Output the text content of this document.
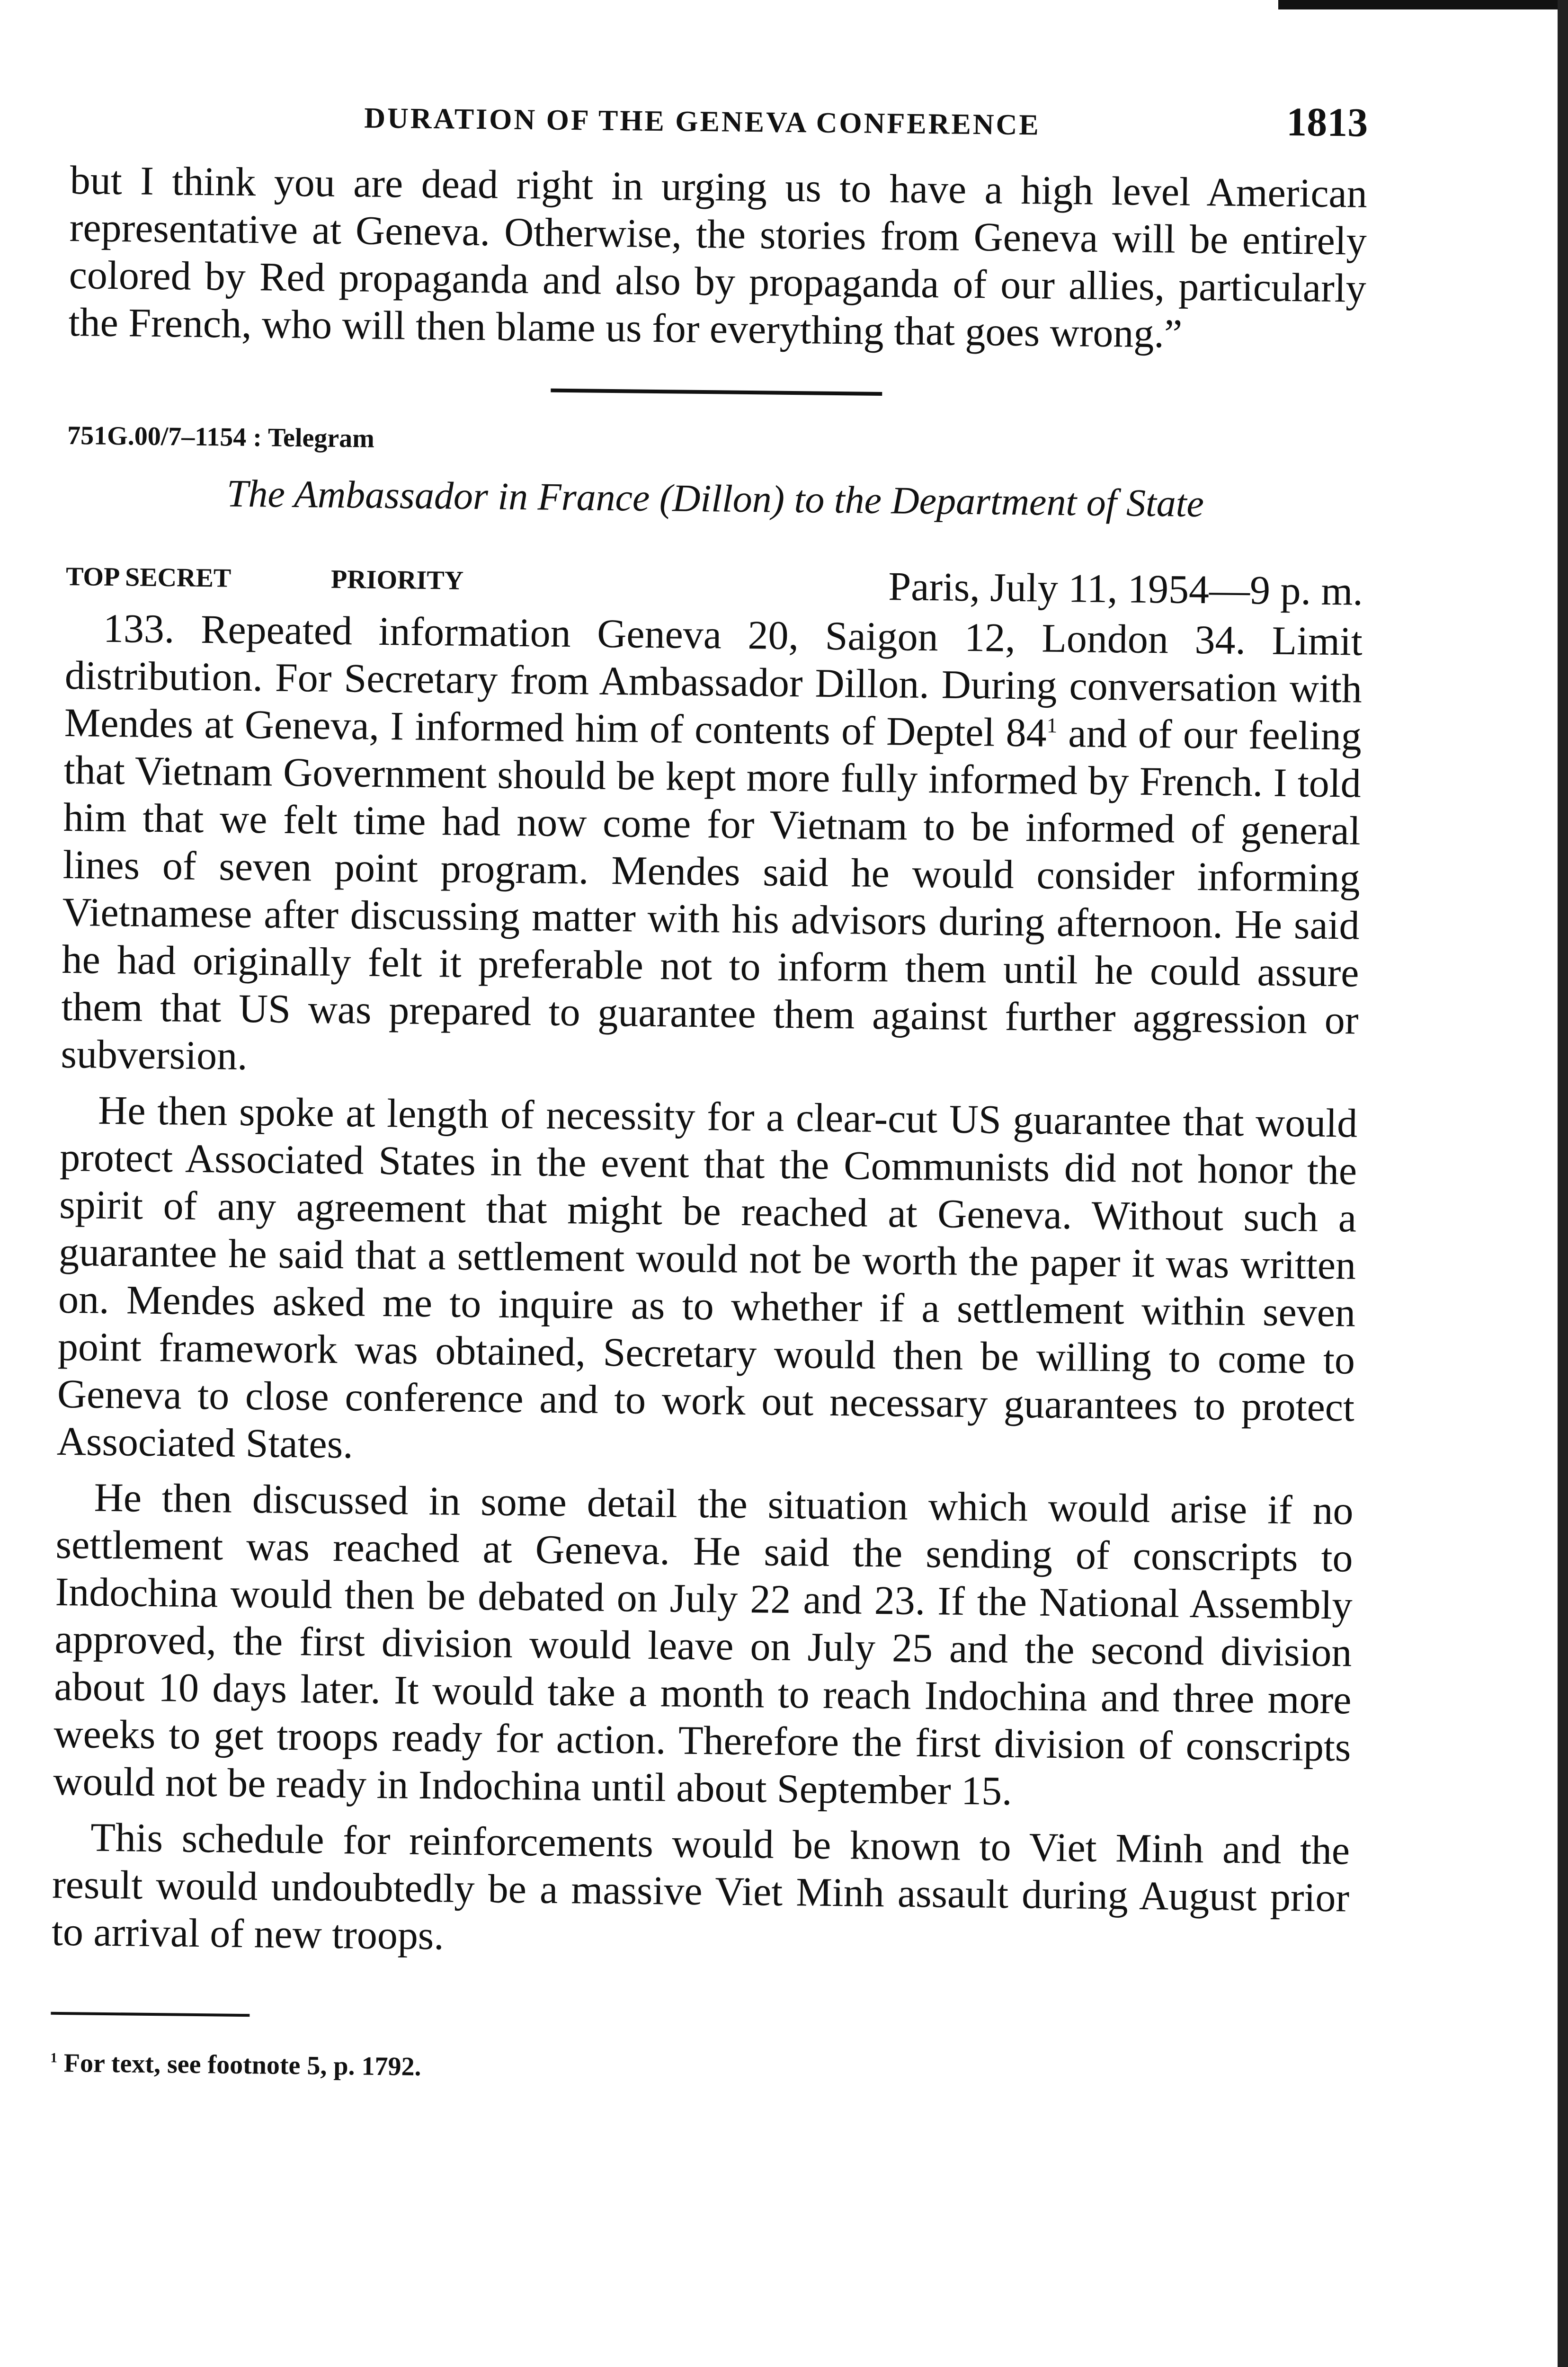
DURATION OF THE GENEVA CONFERENCE	1813

but I think you are dead right in urging us to have a high level American representative at Geneva. Otherwise, the stories from Geneva will be entirely colored by Red propaganda and also by propaganda of our allies, particularly the French, who will then blame us for everything that goes wrong.”

751G.00/7–1154 : Telegram

The Ambassador in France (Dillon) to the Department of State

TOP SECRET	PRIORITY	Paris, July 11, 1954—9 p. m.

133. Repeated information Geneva 20, Saigon 12, London 34. Limit distribution. For Secretary from Ambassador Dillon. During conversation with Mendes at Geneva, I informed him of contents of Deptel $84^1$ and of our feeling that Vietnam Government should be kept more fully informed by French. I told him that we felt time had now come for Vietnam to be informed of general lines of seven point program. Mendes said he would consider informing Vietnamese after discussing matter with his advisors during afternoon. He said he had originally felt it preferable not to inform them until he could assure them that US was prepared to guarantee them against further aggression or subversion.

He then spoke at length of necessity for a clear-cut US guarantee that would protect Associated States in the event that the Communists did not honor the spirit of any agreement that might be reached at Geneva. Without such a guarantee he said that a settlement would not be worth the paper it was written on. Mendes asked me to inquire as to whether if a settlement within seven point framework was obtained, Secretary would then be willing to come to Geneva to close conference and to work out necessary guarantees to protect Associated States.

He then discussed in some detail the situation which would arise if no settlement was reached at Geneva. He said the sending of conscripts to Indochina would then be debated on July 22 and 23. If the National Assembly approved, the first division would leave on July 25 and the second division about 10 days later. It would take a month to reach Indochina and three more weeks to get troops ready for action. Therefore the first division of conscripts would not be ready in Indochina until about September 15.

This schedule for reinforcements would be known to Viet Minh and the result would undoubtedly be a massive Viet Minh assault during August prior to arrival of new troops.

$^1$ For text, see footnote 5, p. 1792.
